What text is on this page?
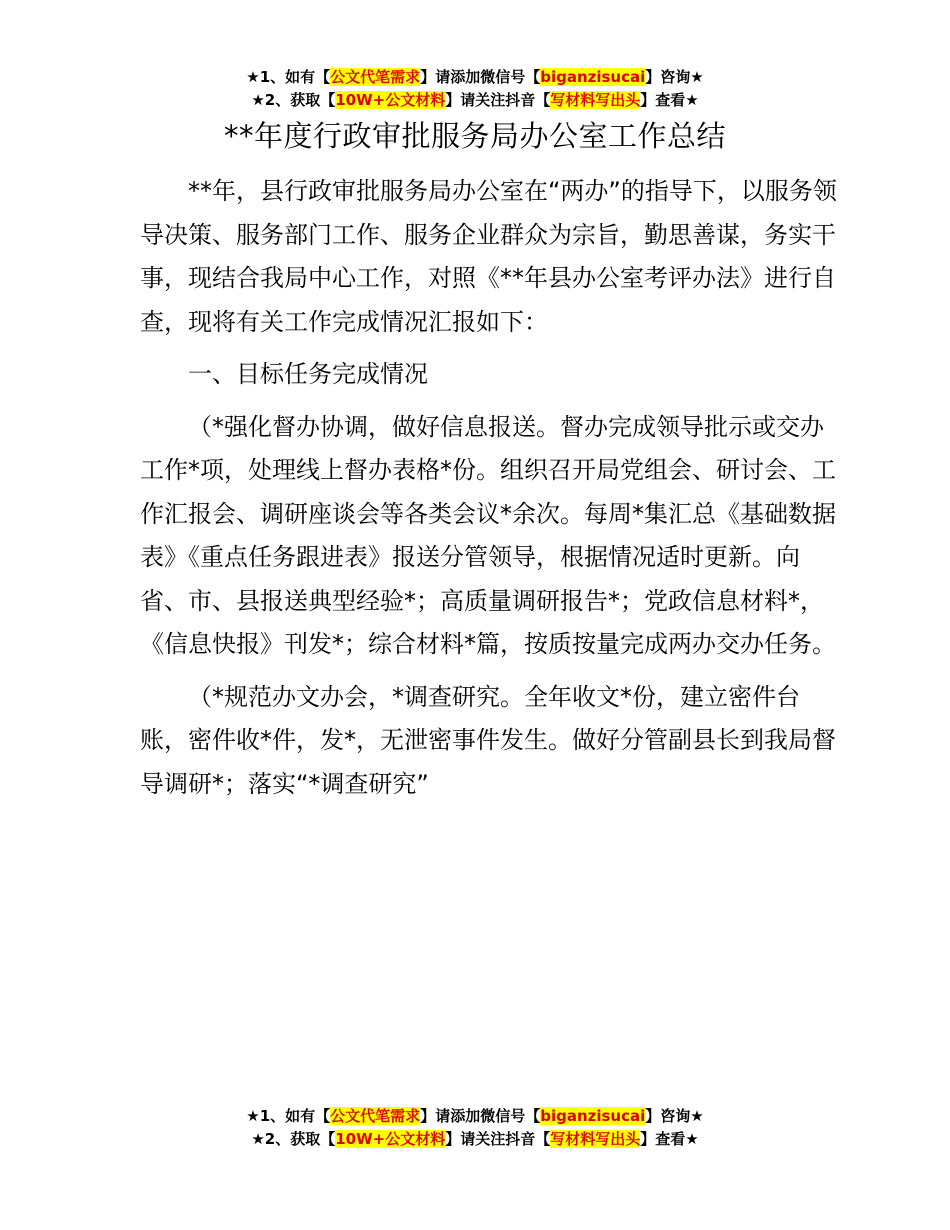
★1、如有【公文代笔需求】请添加微信号【biganzisucai】咨询★
★2、获取【10W+公文材料】请关注抖音【写材料写出头】查看★
**年度行政审批服务局办公室工作总结

**年，县行政审批服务局办公室在“两办”的指导下，以服务领导决策、服务部门工作、服务企业群众为宗旨，勤思善谋，务实干事，现结合我局中心工作，对照《**年县办公室考评办法》进行自查，现将有关工作完成情况汇报如下：

一、目标任务完成情况

（*强化督办协调，做好信息报送。督办完成领导批示或交办工作*项，处理线上督办表格*份。组织召开局党组会、研讨会、工作汇报会、调研座谈会等各类会议*余次。每周*集汇总《基础数据表》《重点任务跟进表》报送分管领导，根据情况适时更新。向省、市、县报送典型经验*；高质量调研报告*；党政信息材料*，《信息快报》刊发*；综合材料*篇，按质按量完成两办交办任务。

（*规范办文办会，*调查研究。全年收文*份，建立密件台账，密件收*件，发*，无泄密事件发生。做好分管副县长到我局督导调研*；落实“*调查研究”

★1、如有【公文代笔需求】请添加微信号【biganzisucai】咨询★
★2、获取【10W+公文材料】请关注抖音【写材料写出头】查看★
